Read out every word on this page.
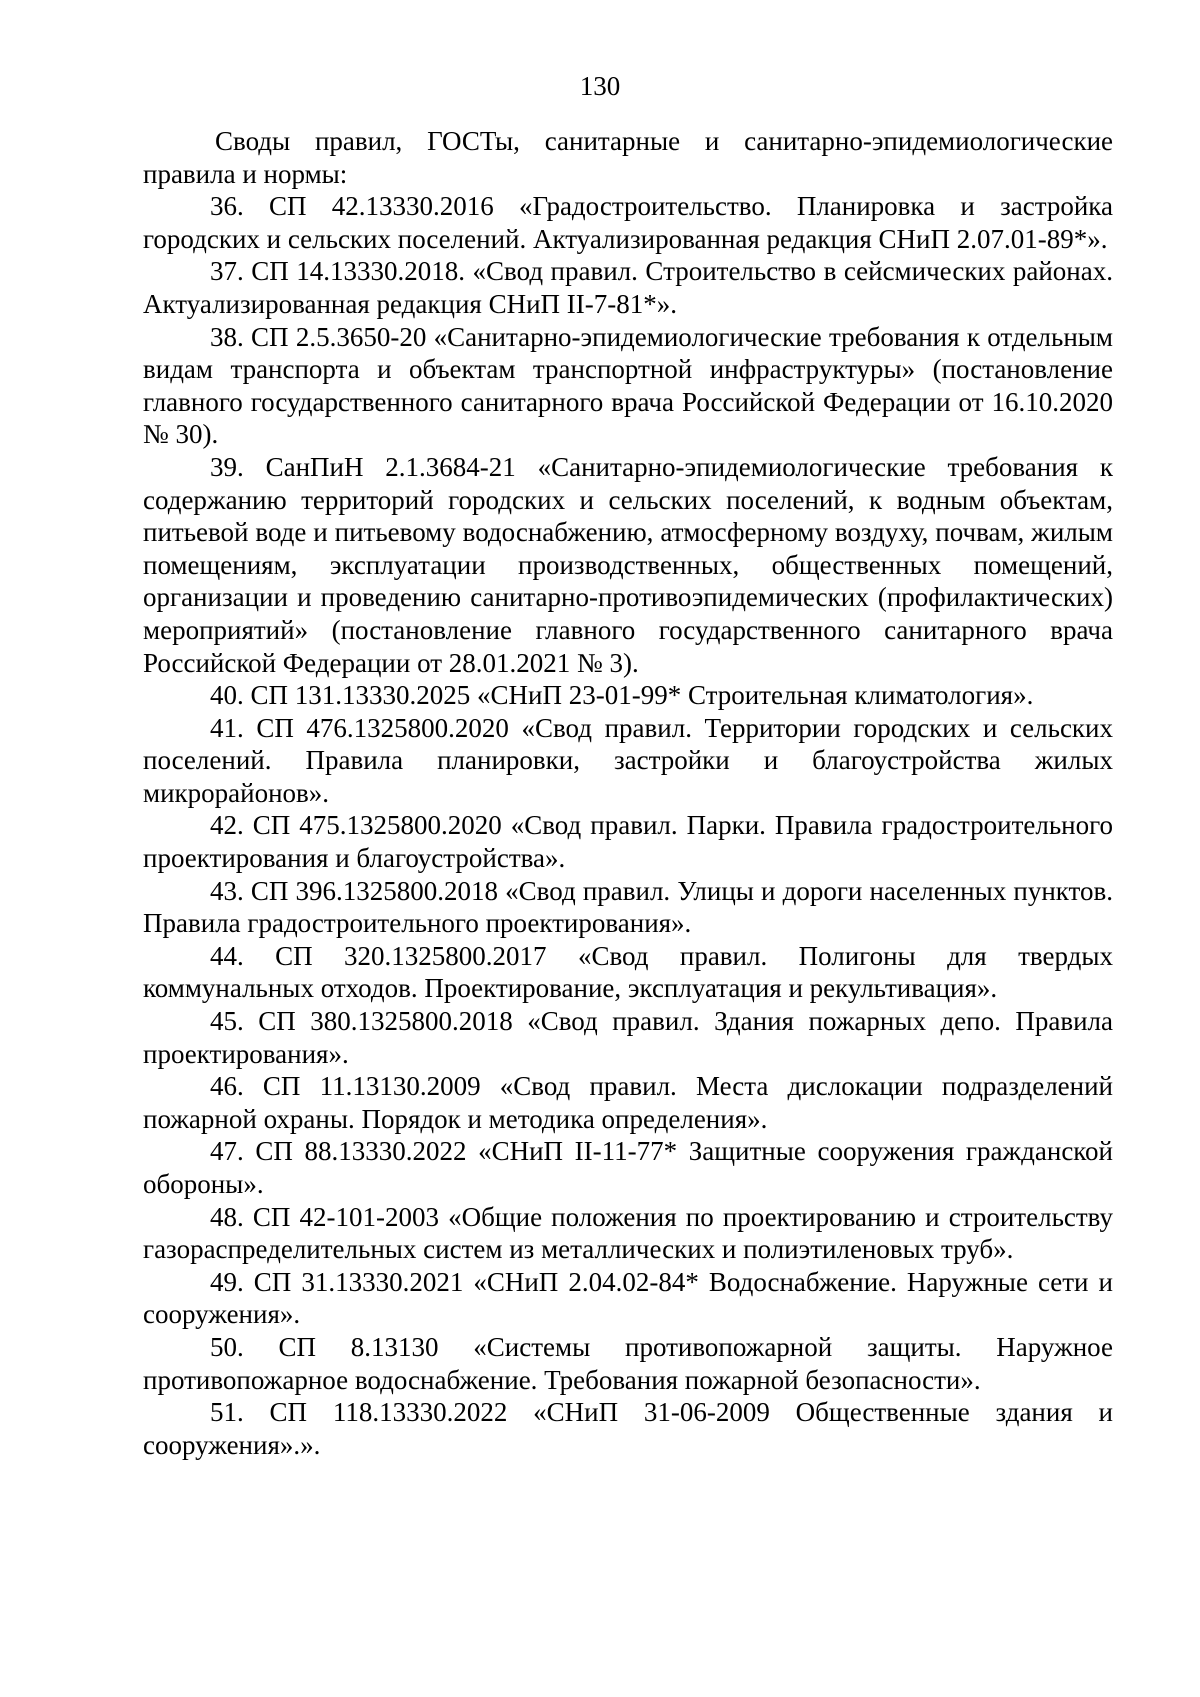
130

Своды правил, ГОСТы, санитарные и санитарно-эпидемиологические правила и нормы:

36. СП 42.13330.2016 «Градостроительство. Планировка и застройка городских и сельских поселений. Актуализированная редакция СНиП 2.07.01-89*».

37. СП 14.13330.2018. «Свод правил. Строительство в сейсмических районах. Актуализированная редакция СНиП II-7-81*».

38. СП 2.5.3650-20 «Санитарно-эпидемиологические требования к отдельным видам транспорта и объектам транспортной инфраструктуры» (постановление главного государственного санитарного врача Российской Федерации от 16.10.2020 № 30).

39. СанПиН 2.1.3684-21 «Санитарно-эпидемиологические требования к содержанию территорий городских и сельских поселений, к водным объектам, питьевой воде и питьевому водоснабжению, атмосферному воздуху, почвам, жилым помещениям, эксплуатации производственных, общественных помещений, организации и проведению санитарно-противоэпидемических (профилактических) мероприятий» (постановление главного государственного санитарного врача Российской Федерации от 28.01.2021 № 3).

40. СП 131.13330.2025 «СНиП 23-01-99* Строительная климатология».

41. СП 476.1325800.2020 «Свод правил. Территории городских и сельских поселений. Правила планировки, застройки и благоустройства жилых микрорайонов».

42. СП 475.1325800.2020 «Свод правил. Парки. Правила градостроительного проектирования и благоустройства».

43. СП 396.1325800.2018 «Свод правил. Улицы и дороги населенных пунктов. Правила градостроительного проектирования».

44. СП 320.1325800.2017 «Свод правил. Полигоны для твердых коммунальных отходов. Проектирование, эксплуатация и рекультивация».

45. СП 380.1325800.2018 «Свод правил. Здания пожарных депо. Правила проектирования».

46. СП 11.13130.2009 «Свод правил. Места дислокации подразделений пожарной охраны. Порядок и методика определения».

47. СП 88.13330.2022 «СНиП II-11-77* Защитные сооружения гражданской обороны».

48. СП 42-101-2003 «Общие положения по проектированию и строительству газораспределительных систем из металлических и полиэтиленовых труб».

49. СП 31.13330.2021 «СНиП 2.04.02-84* Водоснабжение. Наружные сети и сооружения».

50. СП 8.13130 «Системы противопожарной защиты. Наружное противопожарное водоснабжение. Требования пожарной безопасности».

51. СП 118.13330.2022 «СНиП 31-06-2009 Общественные здания и сооружения».».
